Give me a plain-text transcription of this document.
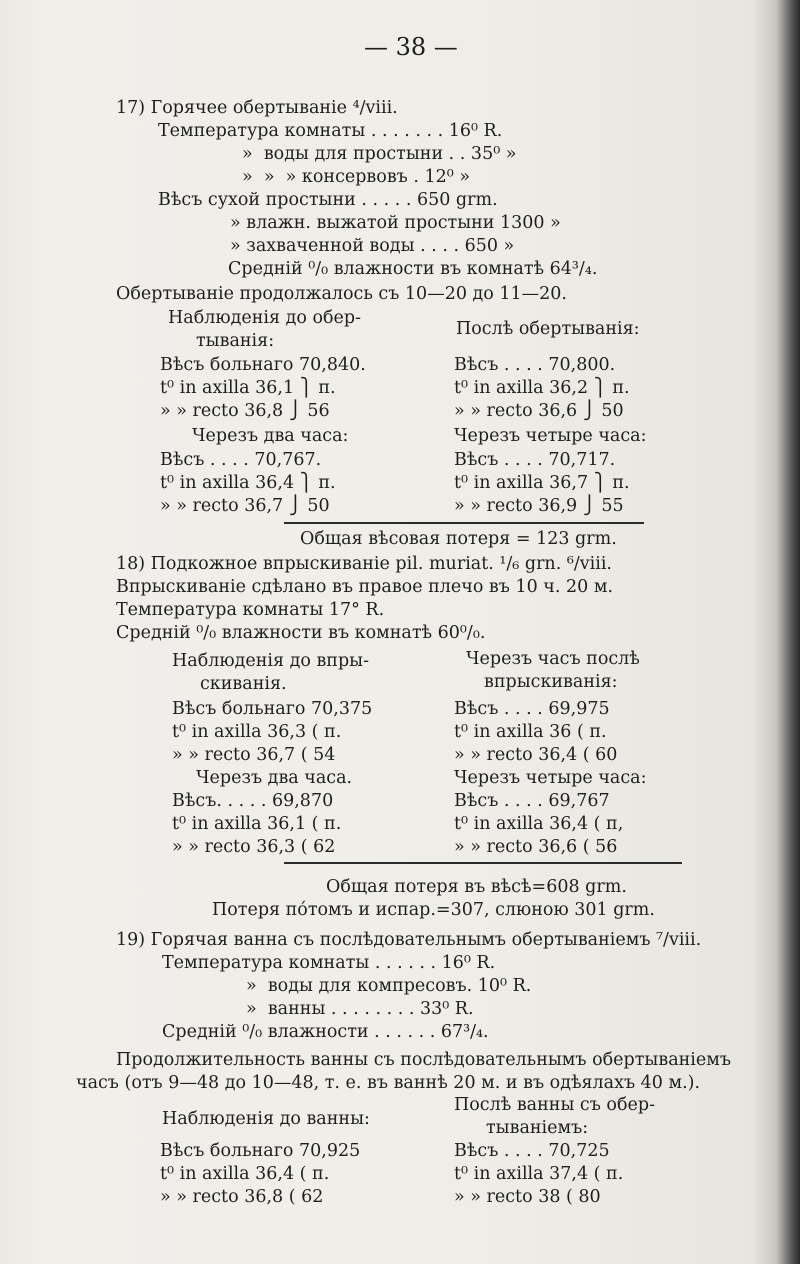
— 38 —
17) Горячее обертываніе ⁴/viii.
Температура комнаты . . . . . . . 16⁰ R.
»  воды для простыни . . 35⁰ »
»  »  » консервовъ . 12⁰ »
Вѣсъ сухой простыни . . . . . 650 grm.
» влажн. выжатой простыни 1300 »
» захваченной воды . . . . 650 »
Средній ⁰/₀ влажности въ комнатѣ 64³/₄.
Обертываніе продолжалось съ 10—20 до 11—20.
Наблюденія до обер-
тыванія:
Послѣ обертыванія:
Вѣсъ больнаго 70,840.
t⁰ in axilla 36,1 ⎫ п.
» » recto 36,8 ⎭ 56
Черезъ два часа:
Вѣсъ . . . . 70,767.
t⁰ in axilla 36,4 ⎫ п.
» » recto 36,7 ⎭ 50
Вѣсъ . . . . 70,800.
t⁰ in axilla 36,2 ⎫ п.
» » recto 36,6 ⎭ 50
Черезъ четыре часа:
Вѣсъ . . . . 70,717.
t⁰ in axilla 36,7 ⎫ п.
» » recto 36,9 ⎭ 55
Общая вѣсовая потеря = 123 grm.
18) Подкожное впрыскиваніе pil. muriat. ¹/₆ grn. ⁶/viii.
Впрыскиваніе сдѣлано въ правое плечо въ 10 ч. 20 м.
Температура комнаты 17° R.
Средній ⁰/₀ влажности въ комнатѣ 60⁰/₀.
Наблюденія до впры-
скиванія.
Черезъ часъ послѣ
впрыскиванія:
Вѣсъ больнаго 70,375
t⁰ in axilla 36,3 ( п.
» » recto 36,7 ( 54
Черезъ два часа.
Вѣсъ. . . . . 69,870
t⁰ in axilla 36,1 ( п.
» » recto 36,3 ( 62
Вѣсъ . . . . 69,975
t⁰ in axilla 36 ( п.
» » recto 36,4 ( 60
Черезъ четыре часа:
Вѣсъ . . . . 69,767
t⁰ in axilla 36,4 ( п,
» » recto 36,6 ( 56
Общая потеря въ вѣсѣ=608 grm.
Потеря пóтомъ и испар.=307, слюною 301 grm.
19) Горячая ванна съ послѣдовательнымъ обертываніемъ ⁷/viii.
Температура комнаты . . . . . . 16⁰ R.
»  воды для компресовъ. 10⁰ R.
»  ванны . . . . . . . . 33⁰ R.
Средній ⁰/₀ влажности . . . . . . 67³/₄.
Продолжительность ванны съ послѣдовательнымъ обертываніемъ
часъ (отъ 9—48 до 10—48, т. е. въ ваннѣ 20 м. и въ одѣялахъ 40 м.).
Наблюденія до ванны:
Послѣ ванны съ обер-
тываніемъ:
Вѣсъ больнаго 70,925
t⁰ in axilla 36,4 ( п.
» » recto 36,8 ( 62
Вѣсъ . . . . 70,725
t⁰ in axilla 37,4 ( п.
» » recto 38 ( 80
